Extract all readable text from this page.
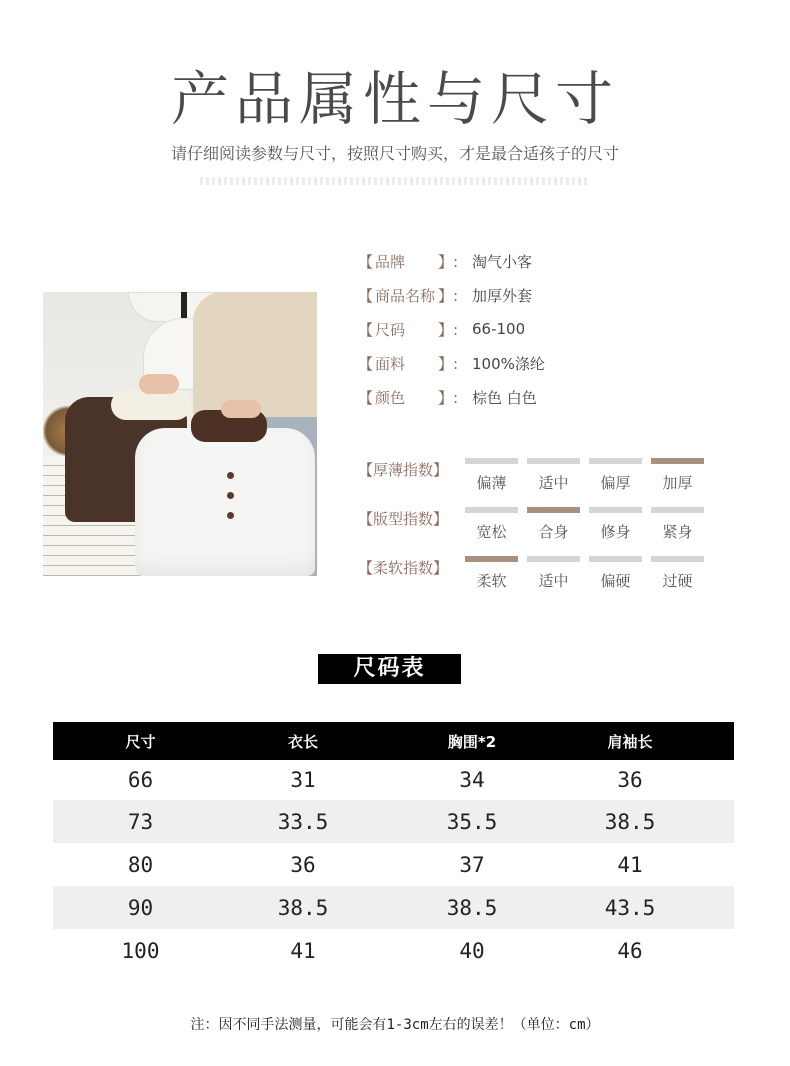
产品属性与尺寸
请仔细阅读参数与尺寸，按照尺寸购买，才是最合适孩子的尺寸
【 品牌	】: 淘气小客
【 商品名称 】: 加厚外套
【 尺码	】: 66-100
【 面料	】: 100%涤纶
【 颜色	】: 棕色 白色
【厚薄指数】
偏薄	适中	偏厚	加厚
【版型指数】
宽松	合身	修身	紧身
【柔软指数】
柔软	适中	偏硬	过硬
尺码表
尺寸	衣长	胸围*2	肩袖长
66	31	34	36
73	33.5	35.5	38.5
80	36	37	41
90	38.5	38.5	43.5
100	41	40	46
注：因不同手法测量，可能会有1-3cm左右的误差！（单位：cm）
